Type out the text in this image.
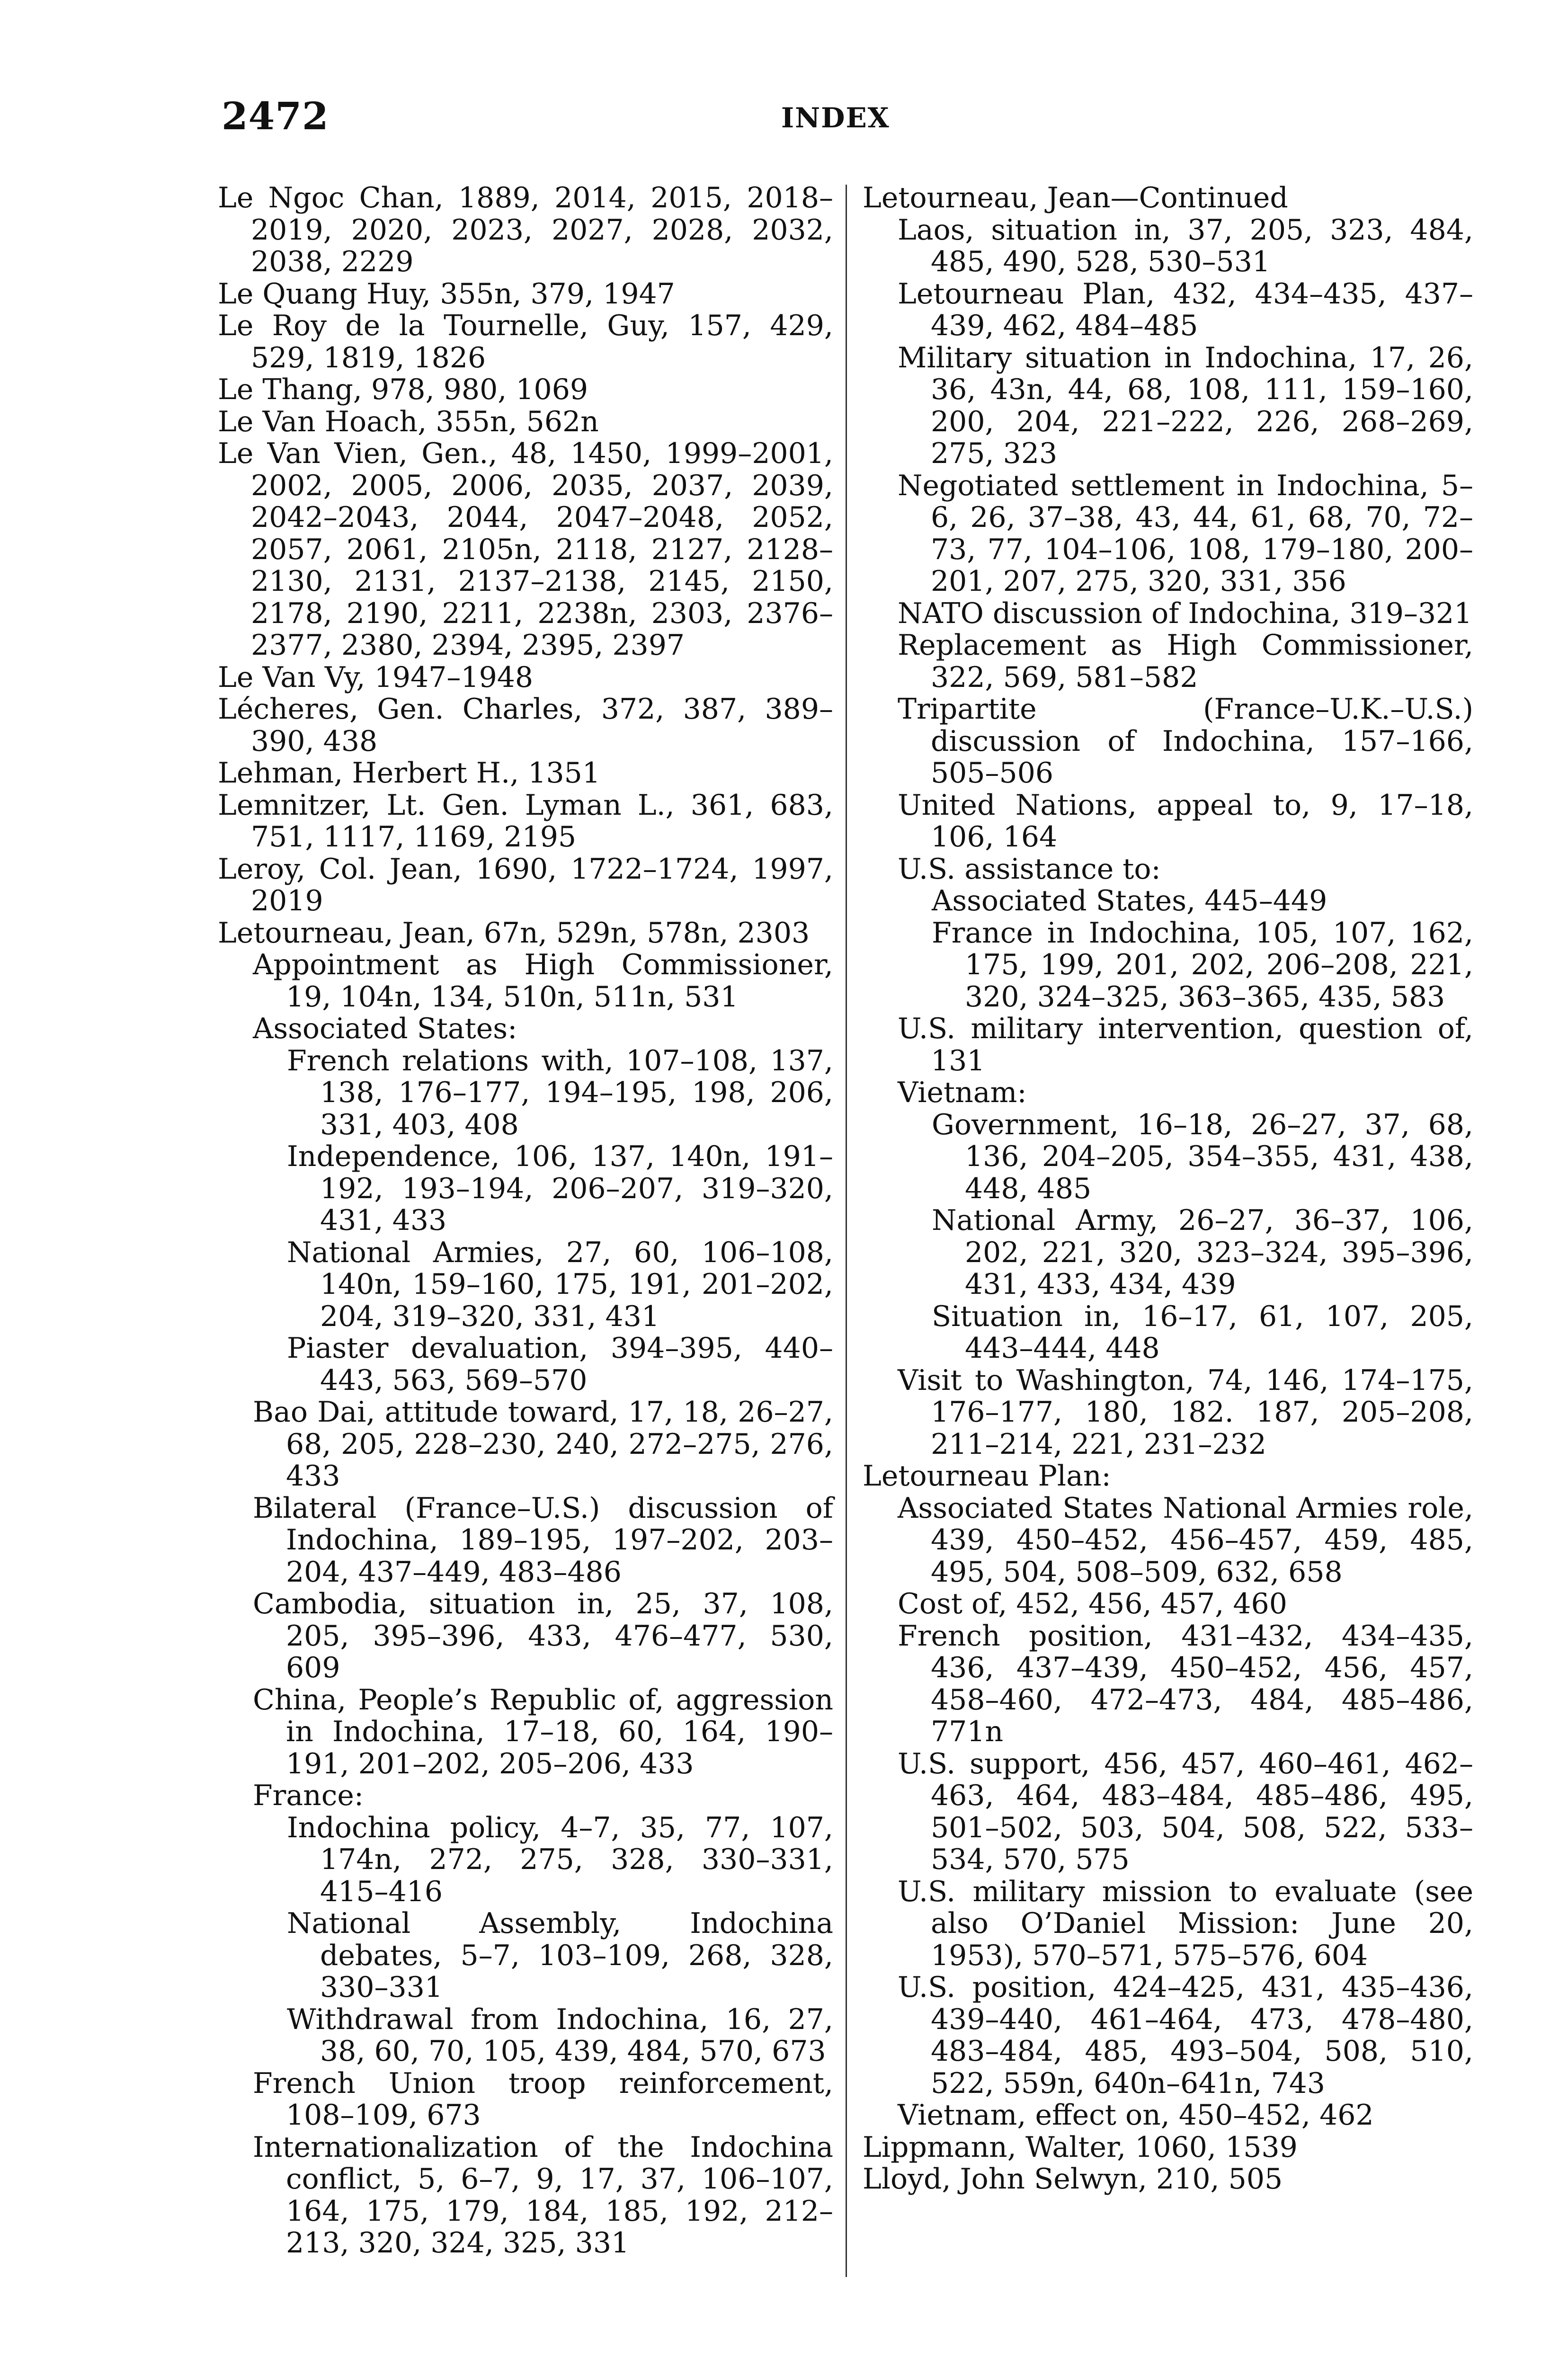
2472	INDEX
Le Ngoc Chan, 1889, 2014, 2015, 2018–2019, 2020, 2023, 2027, 2028, 2032, 2038, 2229
Le Quang Huy, 355n, 379, 1947
Le Roy de la Tournelle, Guy, 157, 429, 529, 1819, 1826
Le Thang, 978, 980, 1069
Le Van Hoach, 355n, 562n
Le Van Vien, Gen., 48, 1450, 1999–2001, 2002, 2005, 2006, 2035, 2037, 2039, 2042–2043, 2044, 2047–2048, 2052, 2057, 2061, 2105n, 2118, 2127, 2128–2130, 2131, 2137–2138, 2145, 2150, 2178, 2190, 2211, 2238n, 2303, 2376–2377, 2380, 2394, 2395, 2397
Le Van Vy, 1947–1948
Lécheres, Gen. Charles, 372, 387, 389–390, 438
Lehman, Herbert H., 1351
Lemnitzer, Lt. Gen. Lyman L., 361, 683, 751, 1117, 1169, 2195
Leroy, Col. Jean, 1690, 1722–1724, 1997, 2019
Letourneau, Jean, 67n, 529n, 578n, 2303
Appointment as High Commissioner, 19, 104n, 134, 510n, 511n, 531
Associated States:
French relations with, 107–108, 137, 138, 176–177, 194–195, 198, 206, 331, 403, 408
Independence, 106, 137, 140n, 191–192, 193–194, 206–207, 319–320, 431, 433
National Armies, 27, 60, 106–108, 140n, 159–160, 175, 191, 201–202, 204, 319–320, 331, 431
Piaster devaluation, 394–395, 440–443, 563, 569–570
Bao Dai, attitude toward, 17, 18, 26–27, 68, 205, 228–230, 240, 272–275, 276, 433
Bilateral (France–U.S.) discussion of Indochina, 189–195, 197–202, 203–204, 437–449, 483–486
Cambodia, situation in, 25, 37, 108, 205, 395–396, 433, 476–477, 530, 609
China, People’s Republic of, aggression in Indochina, 17–18, 60, 164, 190–191, 201–202, 205–206, 433
France:
Indochina policy, 4–7, 35, 77, 107, 174n, 272, 275, 328, 330–331, 415–416
National Assembly, Indochina debates, 5–7, 103–109, 268, 328, 330–331
Withdrawal from Indochina, 16, 27, 38, 60, 70, 105, 439, 484, 570, 673
French Union troop reinforcement, 108–109, 673
Internationalization of the Indochina conflict, 5, 6–7, 9, 17, 37, 106–107, 164, 175, 179, 184, 185, 192, 212–213, 320, 324, 325, 331
Letourneau, Jean—Continued
Laos, situation in, 37, 205, 323, 484, 485, 490, 528, 530–531
Letourneau Plan, 432, 434–435, 437–439, 462, 484–485
Military situation in Indochina, 17, 26, 36, 43n, 44, 68, 108, 111, 159–160, 200, 204, 221–222, 226, 268–269, 275, 323
Negotiated settlement in Indochina, 5–6, 26, 37–38, 43, 44, 61, 68, 70, 72–73, 77, 104–106, 108, 179–180, 200–201, 207, 275, 320, 331, 356
NATO discussion of Indochina, 319–321
Replacement as High Commissioner, 322, 569, 581–582
Tripartite (France–U.K.–U.S.) discussion of Indochina, 157–166, 505–506
United Nations, appeal to, 9, 17–18, 106, 164
U.S. assistance to:
Associated States, 445–449
France in Indochina, 105, 107, 162, 175, 199, 201, 202, 206–208, 221, 320, 324–325, 363–365, 435, 583
U.S. military intervention, question of, 131
Vietnam:
Government, 16–18, 26–27, 37, 68, 136, 204–205, 354–355, 431, 438, 448, 485
National Army, 26–27, 36–37, 106, 202, 221, 320, 323–324, 395–396, 431, 433, 434, 439
Situation in, 16–17, 61, 107, 205, 443–444, 448
Visit to Washington, 74, 146, 174–175, 176–177, 180, 182. 187, 205–208, 211–214, 221, 231–232
Letourneau Plan:
Associated States National Armies role, 439, 450–452, 456–457, 459, 485, 495, 504, 508–509, 632, 658
Cost of, 452, 456, 457, 460
French position, 431–432, 434–435, 436, 437–439, 450–452, 456, 457, 458–460, 472–473, 484, 485–486, 771n
U.S. support, 456, 457, 460–461, 462–463, 464, 483–484, 485–486, 495, 501–502, 503, 504, 508, 522, 533–534, 570, 575
U.S. military mission to evaluate (see also O’Daniel Mission: June 20, 1953), 570–571, 575–576, 604
U.S. position, 424–425, 431, 435–436, 439–440, 461–464, 473, 478–480, 483–484, 485, 493–504, 508, 510, 522, 559n, 640n–641n, 743
Vietnam, effect on, 450–452, 462
Lippmann, Walter, 1060, 1539
Lloyd, John Selwyn, 210, 505
